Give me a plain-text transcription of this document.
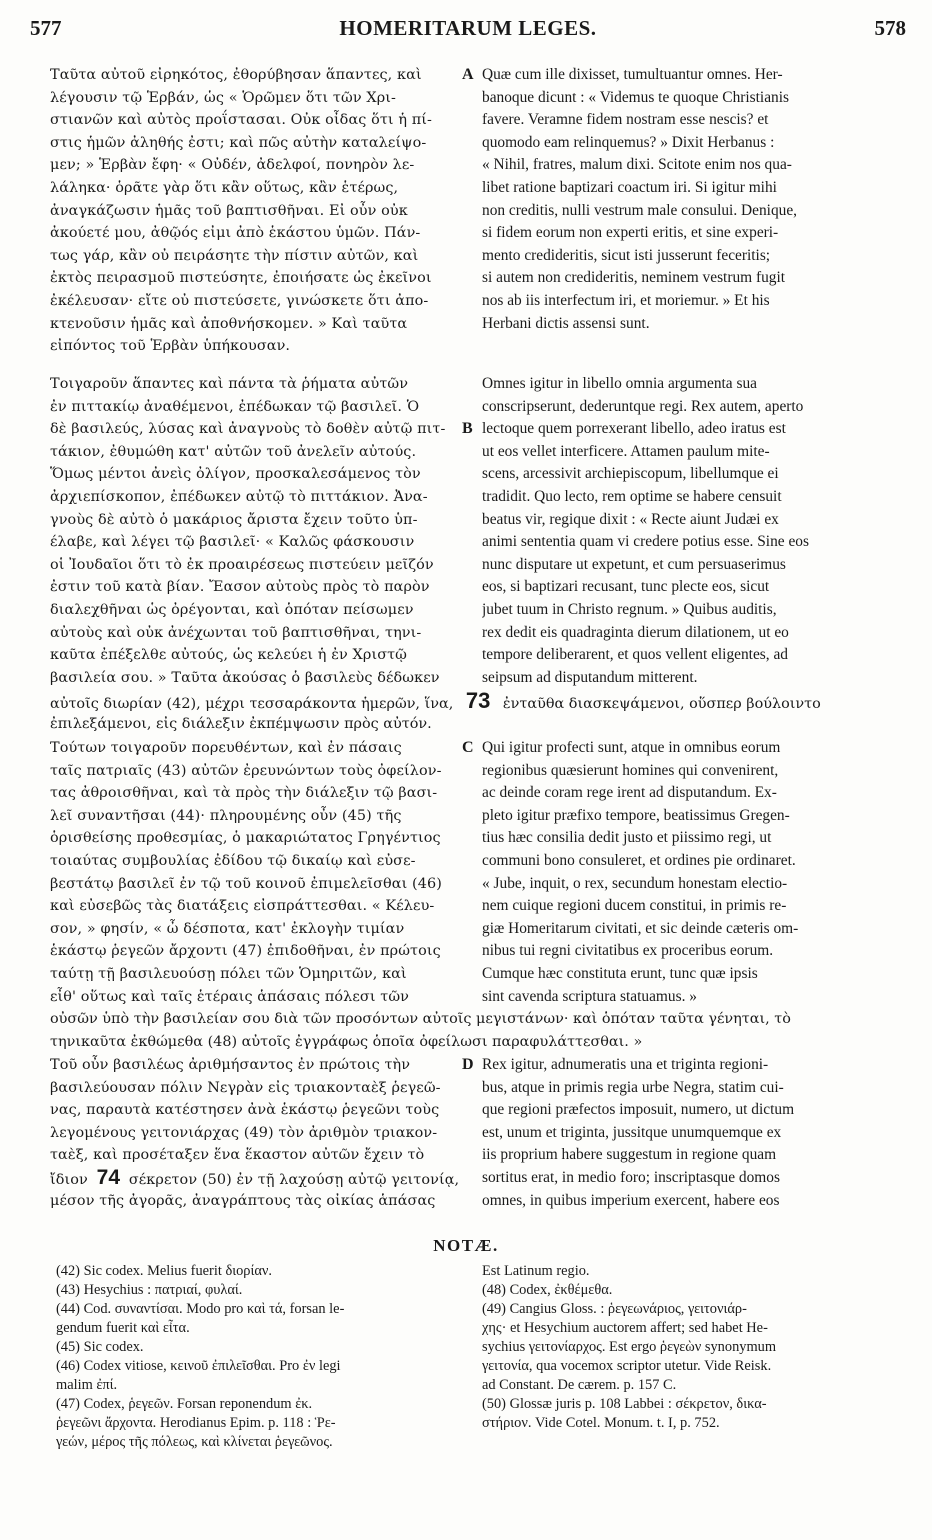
577	HOMERITARUM LEGES.	578
Ταῦτα αὐτοῦ εἰρηκότος, ἐθορύβησαν ἅπαντες, καὶ
λέγουσιν τῷ Ἑρβάν, ὡς « Ὁρῶμεν ὅτι τῶν Χρι-
στιανῶν καὶ αὐτὸς προΐστασαι. Οὐκ οἶδας ὅτι ἡ πί-
στις ἡμῶν ἀληθής ἐστι; καὶ πῶς αὐτὴν καταλείψο-
μεν; » Ἑρβὰν ἔφη· « Οὐδέν, ἀδελφοί, πονηρὸν λε-
λάληκα· ὁρᾶτε γὰρ ὅτι κἂν οὕτως, κἂν ἑτέρως,
ἀναγκάζωσιν ἡμᾶς τοῦ βαπτισθῆναι. Εἰ οὖν οὐκ
ἀκούετέ μου, ἀθῷός εἰμι ἀπὸ ἑκάστου ὑμῶν. Πάν-
τως γάρ, κἂν οὐ πειράσητε τὴν πίστιν αὐτῶν, καὶ
ἐκτὸς πειρασμοῦ πιστεύσητε, ἐποιήσατε ὡς ἐκεῖνοι
ἐκέλευσαν· εἴτε οὐ πιστεύσετε, γινώσκετε ὅτι ἀπο-
κτενοῦσιν ἡμᾶς καὶ ἀποθνήσκομεν. » Καὶ ταῦτα
εἰπόντος τοῦ Ἑρβὰν ὑπήκουσαν.
A Quæ cum ille dixisset, tumultuantur omnes. Her-
banoque dicunt : « Videmus te quoque Christianis
favere. Veramne fidem nostram esse nescis? et
quomodo eam relinquemus? » Dixit Herbanus :
« Nihil, fratres, malum dixi. Scitote enim nos qua-
libet ratione baptizari coactum iri. Si igitur mihi
non creditis, nulli vestrum male consului. Denique,
si fidem eorum non experti eritis, et sine experi-
mento credideritis, sicut isti jusserunt feceritis;
si autem non credideritis, neminem vestrum fugit
nos ab iis interfectum iri, et moriemur. » Et his
Herbani dictis assensi sunt.
Τοιγαροῦν ἅπαντες καὶ πάντα τὰ ῥήματα αὐτῶν
ἐν πιττακίῳ ἀναθέμενοι, ἐπέδωκαν τῷ βασιλεῖ. Ὁ
δὲ βασιλεύς, λύσας καὶ ἀναγνοὺς τὸ δοθὲν αὐτῷ πιτ-
τάκιον, ἐθυμώθη κατ' αὐτῶν τοῦ ἀνελεῖν αὐτούς.
Ὅμως μέντοι ἀνεὶς ὀλίγον, προσκαλεσάμενος τὸν
ἀρχιεπίσκοπον, ἐπέδωκεν αὐτῷ τὸ πιττάκιον. Ἀνα-
γνοὺς δὲ αὐτὸ ὁ μακάριος ἄριστα ἔχειν τοῦτο ὑπ-
έλαβε, καὶ λέγει τῷ βασιλεῖ· « Καλῶς φάσκουσιν
οἱ Ἰουδαῖοι ὅτι τὸ ἐκ προαιρέσεως πιστεύειν μεῖζόν
ἐστιν τοῦ κατὰ βίαν. Ἔασον αὐτοὺς πρὸς τὸ παρὸν
διαλεχθῆναι ὡς ὀρέγονται, καὶ ὁπόταν πείσωμεν
αὐτοὺς καὶ οὐκ ἀνέχωνται τοῦ βαπτισθῆναι, τηνι-
καῦτα ἐπέξελθε αὐτούς, ὡς κελεύει ἡ ἐν Χριστῷ
βασιλεία σου. » Ταῦτα ἀκούσας ὁ βασιλεὺς δέδωκεν
B
Omnes igitur in libello omnia argumenta sua
conscripserunt, dederuntque regi. Rex autem, aperto
lectoque quem porrexerant libello, adeo iratus est
ut eos vellet interficere. Attamen paulum mite-
scens, arcessivit archiepiscopum, libellumque ei
tradidit. Quo lecto, rem optime se habere censuit
beatus vir, regique dixit : « Recte aiunt Judæi ex
animi sententia quam vi credere potius esse. Sine eos
nunc disputare ut expetunt, et cum persuaserimus
eos, si baptizari recusant, tunc plecte eos, sicut
jubet tuum in Christo regnum. » Quibus auditis,
rex dedit eis quadraginta dierum dilationem, ut eo
tempore deliberarent, et quos vellent eligentes, ad
seipsum ad disputandum mitterent.
αὐτοῖς διωρίαν (42), μέχρι τεσσαράκοντα ἡμερῶν, ἵνα, 73 ἐνταῦθα διασκεψάμενοι, οὕσπερ βούλοιντο
ἐπιλεξάμενοι, εἰς διάλεξιν ἐκπέμψωσιν πρὸς αὐτόν.
Τούτων τοιγαροῦν πορευθέντων, καὶ ἐν πάσαις
ταῖς πατριαῖς (43) αὐτῶν ἐρευνώντων τοὺς ὀφείλον-
τας ἀθροισθῆναι, καὶ τὰ πρὸς τὴν διάλεξιν τῷ βασι-
λεῖ συναντῆσαι (44)· πληρουμένης οὖν (45) τῆς
ὁρισθείσης προθεσμίας, ὁ μακαριώτατος Γρηγέντιος
τοιαύτας συμβουλίας ἐδίδου τῷ δικαίῳ καὶ εὐσε-
βεστάτῳ βασιλεῖ ἐν τῷ τοῦ κοινοῦ ἐπιμελεῖσθαι (46)
καὶ εὐσεβῶς τὰς διατάξεις εἰσπράττεσθαι. « Κέλευ-
σον, » φησίν, « ὦ δέσποτα, κατ' ἐκλογὴν τιμίαν
ἑκάστῳ ῥεγεῶν ἄρχοντι (47) ἐπιδοθῆναι, ἐν πρώτοις
ταύτῃ τῇ βασιλευούσῃ πόλει τῶν Ὁμηριτῶν, καὶ
εἶθ' οὕτως καὶ ταῖς ἑτέραις ἁπάσαις πόλεσι τῶν
C Qui igitur profecti sunt, atque in omnibus eorum
regionibus quæsierunt homines qui convenirent,
ac deinde coram rege irent ad disputandum. Ex-
pleto igitur præfixo tempore, beatissimus Gregen-
tius hæc consilia dedit justo et piissimo regi, ut
communi bono consuleret, et ordines pie ordinaret.
« Jube, inquit, o rex, secundum honestam electio-
nem cuique regioni ducem constitui, in primis re-
giæ Homeritarum civitati, et sic deinde cæteris om-
nibus tui regni civitatibus ex proceribus eorum.
Cumque hæc constituta erunt, tunc quæ ipsis
sint cavenda scriptura statuamus. »
οὐσῶν ὑπὸ τὴν βασιλείαν σου διὰ τῶν προσόντων αὐτοῖς μεγιστάνων· καὶ ὁπόταν ταῦτα γένηται, τὸ
τηνικαῦτα ἐκθώμεθα (48) αὐτοῖς ἐγγράφως ὁποῖα ὀφείλωσι παραφυλάττεσθαι. »
Τοῦ οὖν βασιλέως ἀριθμήσαντος ἐν πρώτοις τὴν
βασιλεύουσαν πόλιν Νεγρὰν εἰς τριακονταὲξ ῥεγεῶ-
νας, παραυτὰ κατέστησεν ἀνὰ ἑκάστῳ ῥεγεῶνι τοὺς
λεγομένους γειτονιάρχας (49) τὸν ἀριθμὸν τριακον-
ταὲξ, καὶ προσέταξεν ἕνα ἕκαστον αὐτῶν ἔχειν τὸ
ἴδιον 74 σέκρετον (50) ἐν τῇ λαχούσῃ αὐτῷ γειτονίᾳ,
μέσον τῆς ἀγορᾶς, ἀναγράπτους τὰς οἰκίας ἁπάσας
D Rex igitur, adnumeratis una et triginta regioni-
bus, atque in primis regia urbe Negra, statim cui-
que regioni præfectos imposuit, numero, ut dictum
est, unum et triginta, jussitque unumquemque ex
iis proprium habere suggestum in regione quam
sortitus erat, in medio foro; inscriptasque domos
omnes, in quibus imperium exercent, habere eos
NOTÆ.
(42) Sic codex. Melius fuerit διορίαν.
(43) Hesychius : πατριαί, φυλαί.
(44) Cod. συναντίσαι. Modo pro καὶ τά, forsan le-
gendum fuerit καὶ εἶτα.
(45) Sic codex.
(46) Codex vitiose, κεινοῦ ἐπιλεῖσθαι. Pro ἐν legi
malim ἐπί.
(47) Codex, ῥεγεῶν. Forsan reponendum ἐκ.
ῥεγεῶνι ἄρχοντα. Herodianus Epim. p. 118 : Ῥε-
γεών, μέρος τῆς πόλεως, καὶ κλίνεται ῥεγεῶνος.
Est Latinum regio.
(48) Codex, ἐκθέμεθα.
(49) Cangius Gloss. : ῥεγεωνάριος, γειτονιάρ-
χης· et Hesychium auctorem affert; sed habet He-
sychius γειτονίαρχος. Est ergo ῥεγεὼν synonymum
γειτονία, qua vocemox scriptor utetur. Vide Reisk.
ad Constant. De cærem. p. 157 C.
(50) Glossæ juris p. 108 Labbei : σέκρετον, δικα-
στήριον. Vide Cotel. Monum. t. I, p. 752.
